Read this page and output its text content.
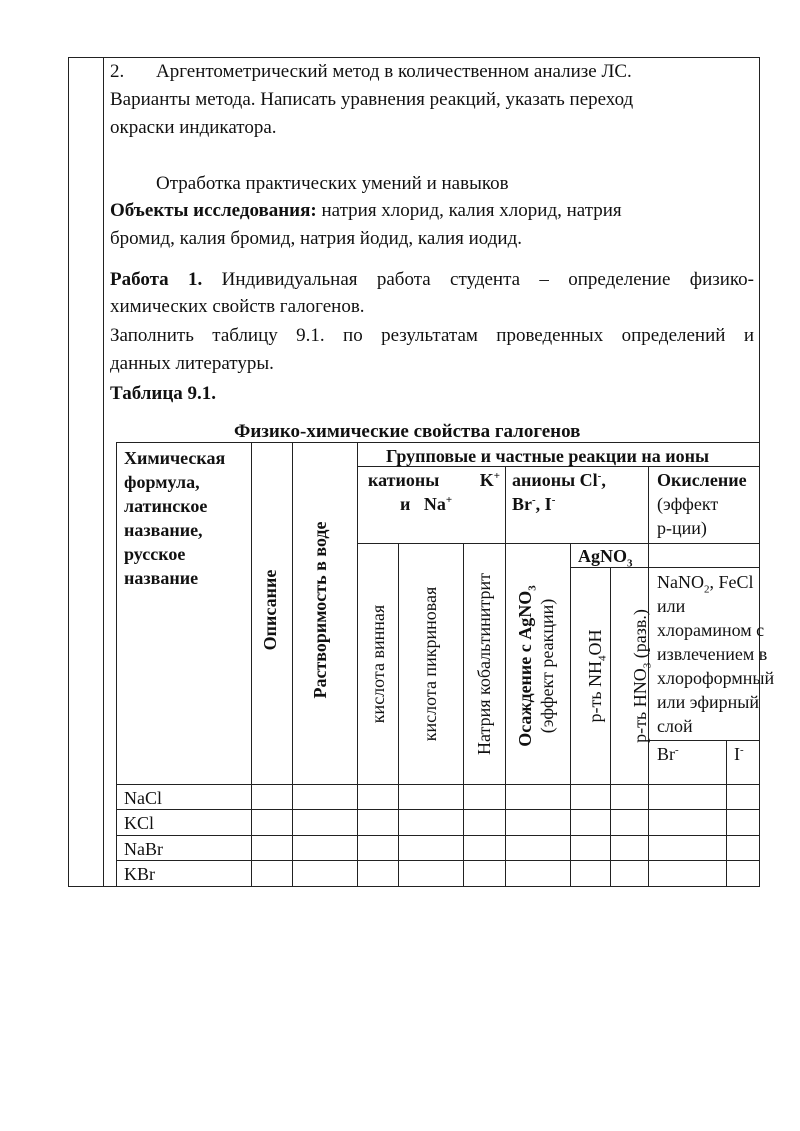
2. Аргентометрический метод в количественном анализе ЛС.
Варианты метода. Написать уравнения реакций, указать переход
окраски индикатора.
Отработка практических умений и навыков
Объекты исследования: натрия хлорид, калия хлорид, натрия
бромид, калия бромид, натрия йодид, калия иодид.
Работа 1. Индивидуальная работа студента – определение физико-
химических свойств галогенов.
Заполнить таблицу 9.1. по результатам проведенных определений и
данных литературы.
Таблица 9.1.
Физико-химические свойства галогенов
Химическая
формула,
латинское
название,
русское
название	Описание Растворимость в воде
Групповые и частные реакции на ионы
катионы K+
и Na+
анионы Cl-,
Br-, I-
Окисление
(эффект
р-ции)
кислота винная кислота пикриновая Натрия кобальтинитрит Осаждение с AgNO$_3$
(эффект реакции)
AgNO$_3$
р-ть $NH_4OH$
р-ть $HNO_3$ (разв.)
NaNO$_2$, FeCl
или
хлорамином с
извлечением в
хлороформный
или эфирный
слой
Br-	I-
NaCl
KCl
NaBr
KBr
